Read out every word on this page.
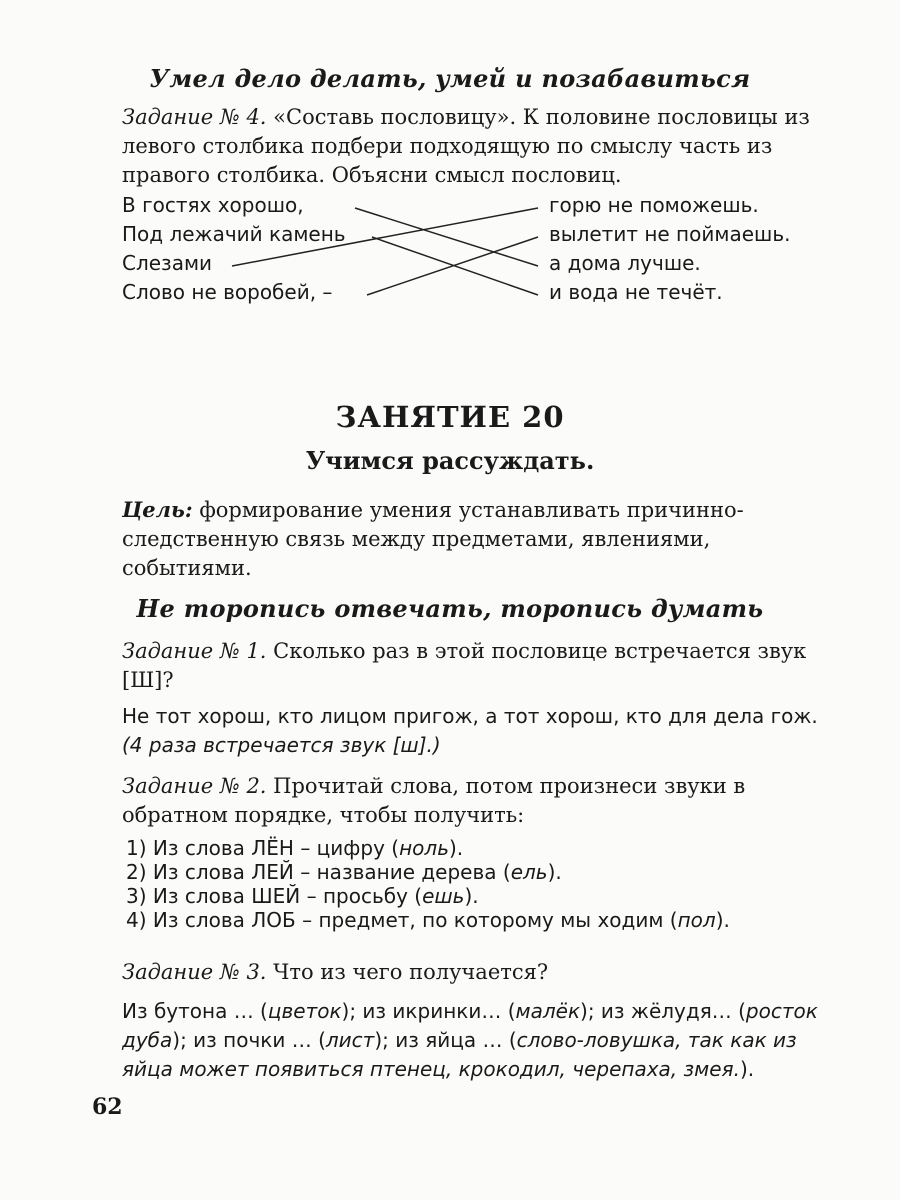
Умел дело делать, умей и позабавиться
Задание № 4. «Составь пословицу». К половине пословицы из левого столбика подбери подходящую по смыслу часть из правого столбика. Объясни смысл пословиц.
В гостях хорошо,
Под лежачий камень
Слезами
Слово не воробей, –
горю не поможешь.
вылетит не поймаешь.
а дома лучше.
и вода не течёт.
ЗАНЯТИЕ 20
Учимся рассуждать.
Цель: формирование умения устанавливать причинно-следственную связь между предметами, явлениями, событиями.
Не торопись отвечать, торопись думать
Задание № 1. Сколько раз в этой пословице встречается звук [Ш]?
Не тот хорош, кто лицом пригож, а тот хорош, кто для дела гож. (4 раза встречается звук [ш].)
Задание № 2. Прочитай слова, потом произнеси звуки в обратном порядке, чтобы получить:
1) Из слова ЛЁН – цифру (ноль).
2) Из слова ЛЕЙ – название дерева (ель).
3) Из слова ШЕЙ – просьбу (ешь).
4) Из слова ЛОБ – предмет, по которому мы ходим (пол).
Задание № 3. Что из чего получается?
Из бутона … (цветок); из икринки… (малёк); из жёлудя… (росток дуба); из почки … (лист); из яйца … (слово-ловушка, так как из яйца может появиться птенец, крокодил, черепаха, змея.).
62
